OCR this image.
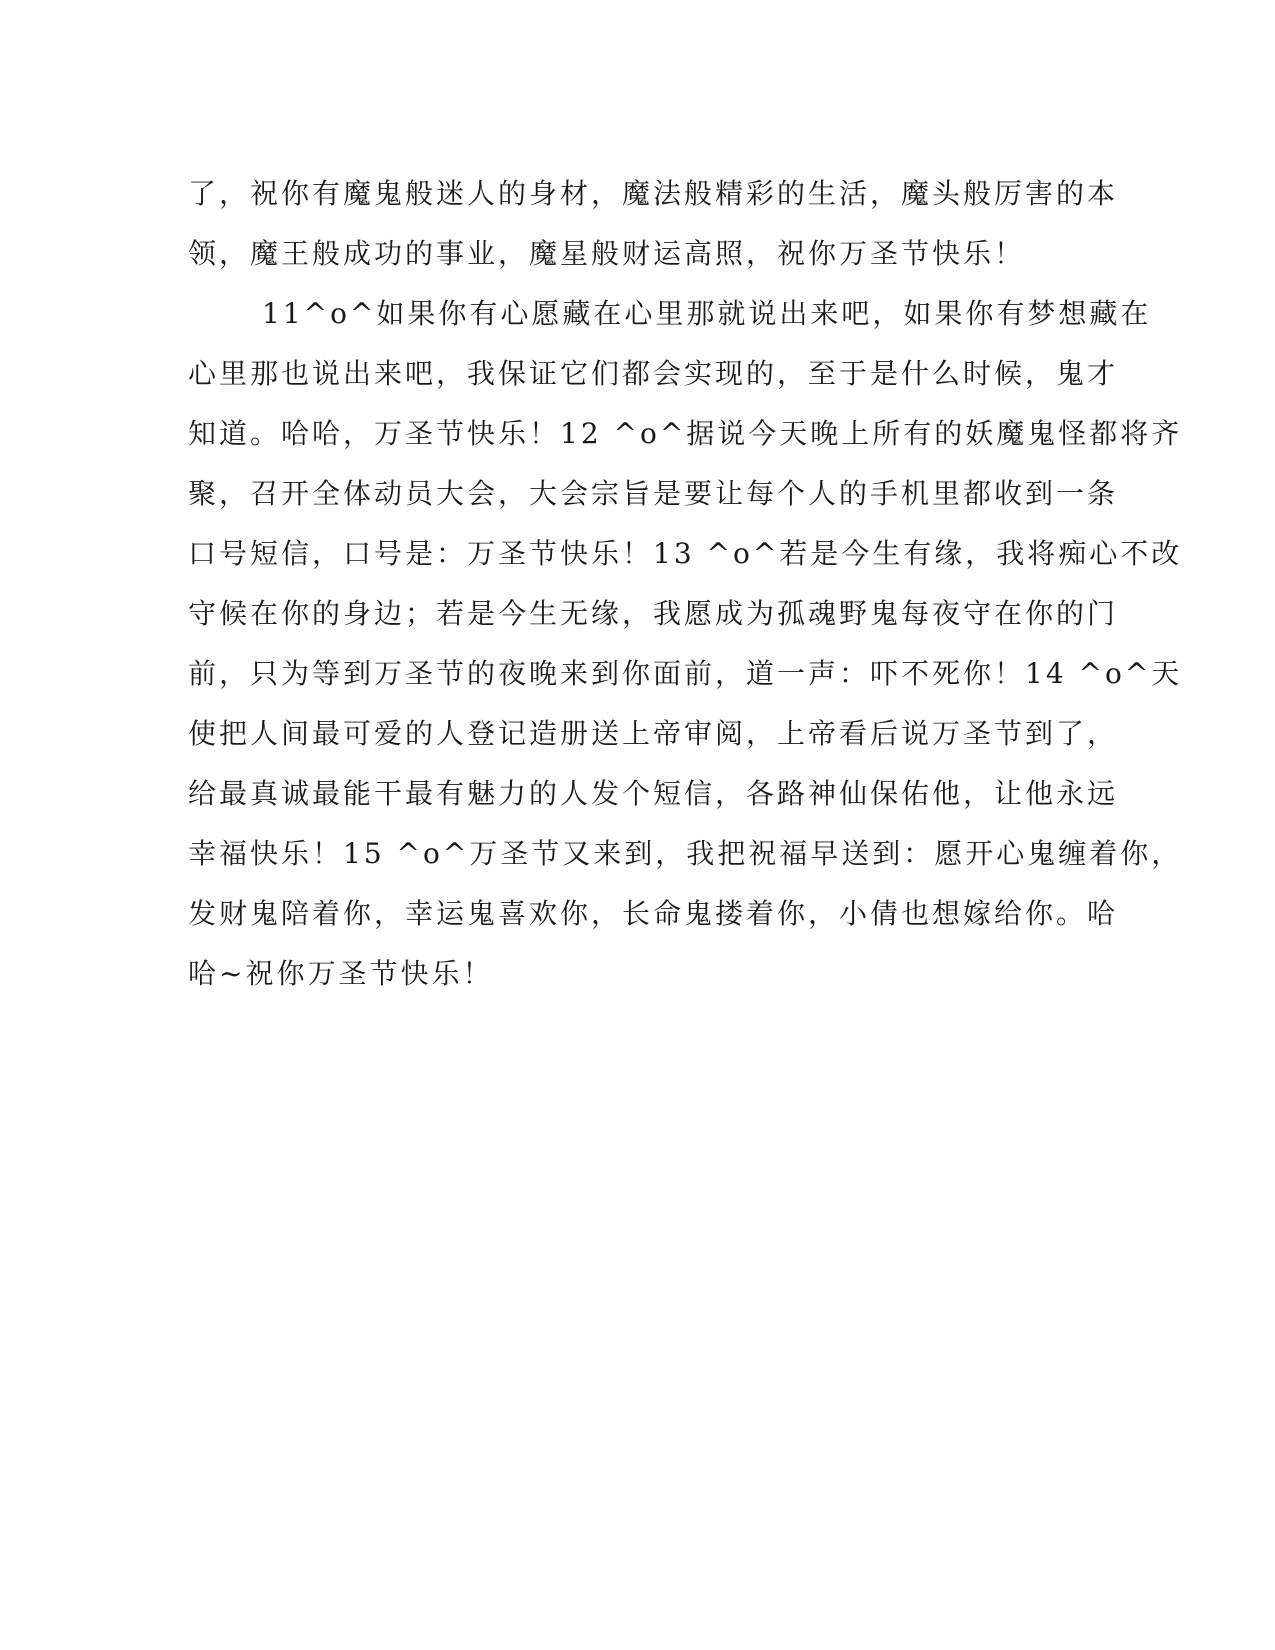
了，祝你有魔鬼般迷人的身材，魔法般精彩的生活，魔头般厉害的本
领，魔王般成功的事业，魔星般财运高照，祝你万圣节快乐！
11^o^如果你有心愿藏在心里那就说出来吧，如果你有梦想藏在
心里那也说出来吧，我保证它们都会实现的，至于是什么时候，鬼才
知道。哈哈，万圣节快乐！12 ^o^据说今天晚上所有的妖魔鬼怪都将齐
聚，召开全体动员大会，大会宗旨是要让每个人的手机里都收到一条
口号短信，口号是：万圣节快乐！13 ^o^若是今生有缘，我将痴心不改
守候在你的身边；若是今生无缘，我愿成为孤魂野鬼每夜守在你的门
前，只为等到万圣节的夜晚来到你面前，道一声：吓不死你！14 ^o^天
使把人间最可爱的人登记造册送上帝审阅，上帝看后说万圣节到了，
给最真诚最能干最有魅力的人发个短信，各路神仙保佑他，让他永远
幸福快乐！15 ^o^万圣节又来到，我把祝福早送到：愿开心鬼缠着你，
发财鬼陪着你，幸运鬼喜欢你，长命鬼搂着你，小倩也想嫁给你。哈
哈~祝你万圣节快乐！
